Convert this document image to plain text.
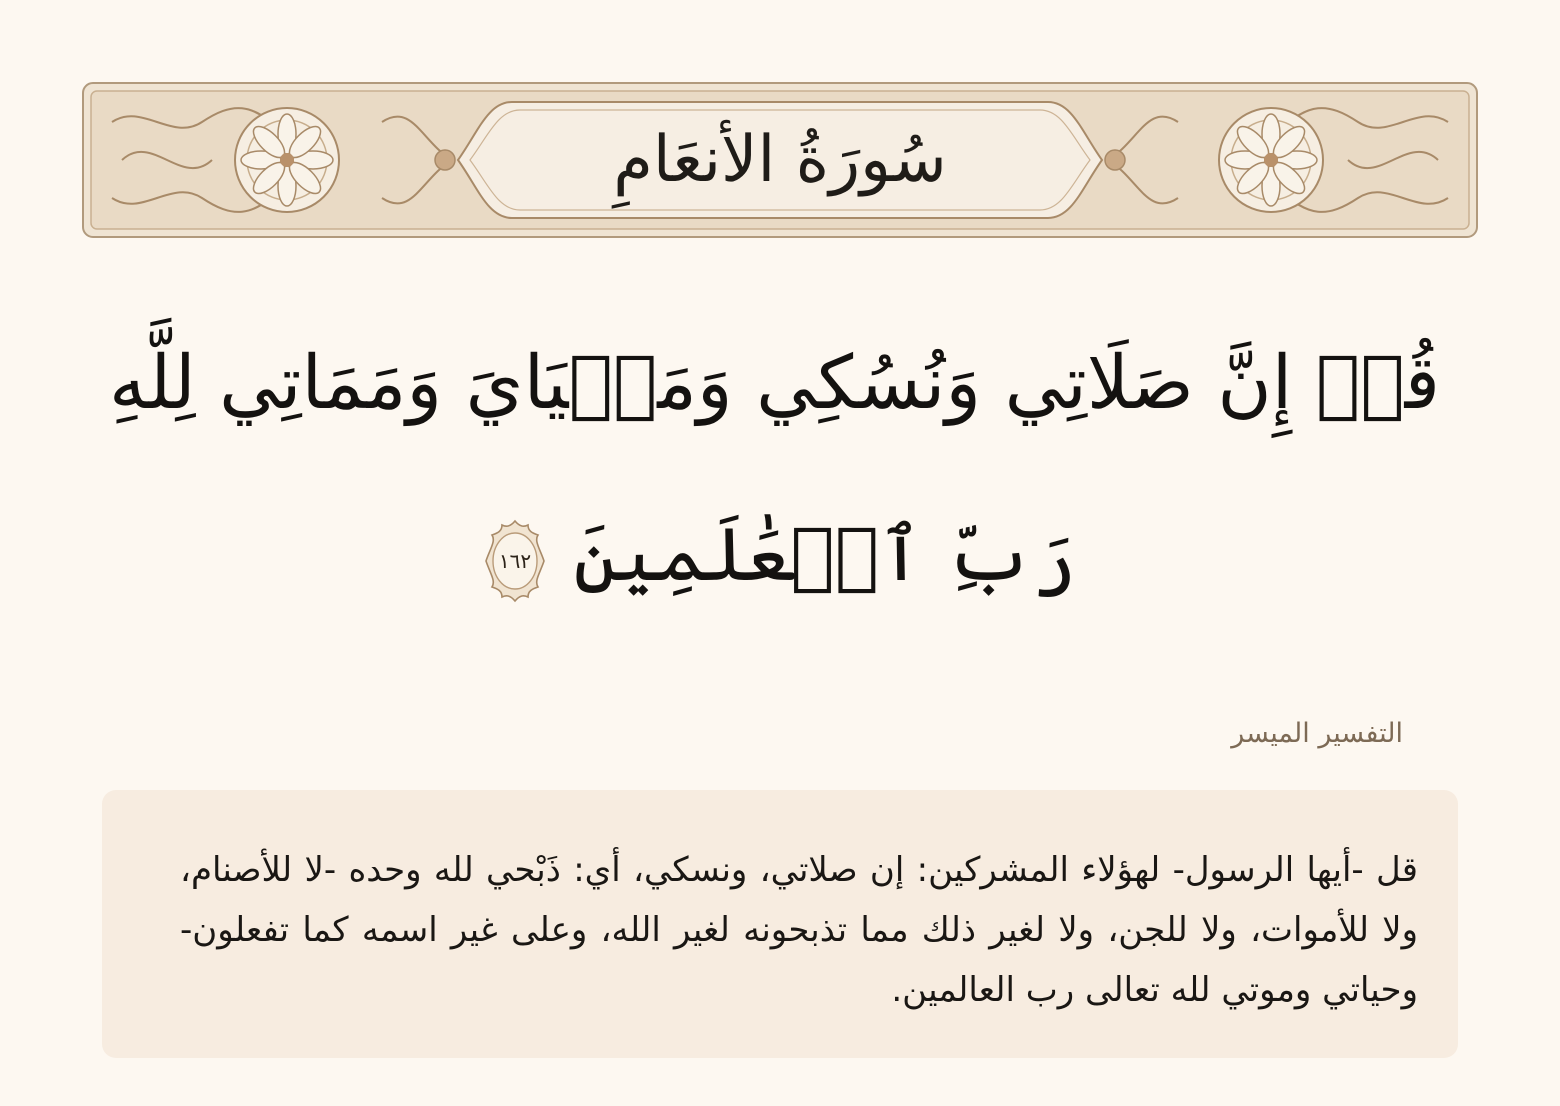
سُورَةُ الأنعَامِ
قُلۡ إِنَّ صَلَاتِي وَنُسُكِي وَمَحۡيَايَ وَمَمَاتِي لِلَّهِ
رَبِّ ٱلۡعَٰلَمِينَ
١٦٢
التفسير الميسر
قل -أيها الرسول- لهؤلاء المشركين: إن صلاتي، ونسكي، أي: ذَبْحي لله وحده -لا للأصنام، ولا للأموات، ولا للجن، ولا لغير ذلك مما تذبحونه لغير الله، وعلى غير اسمه كما تفعلون- وحياتي وموتي لله تعالى رب العالمين.
